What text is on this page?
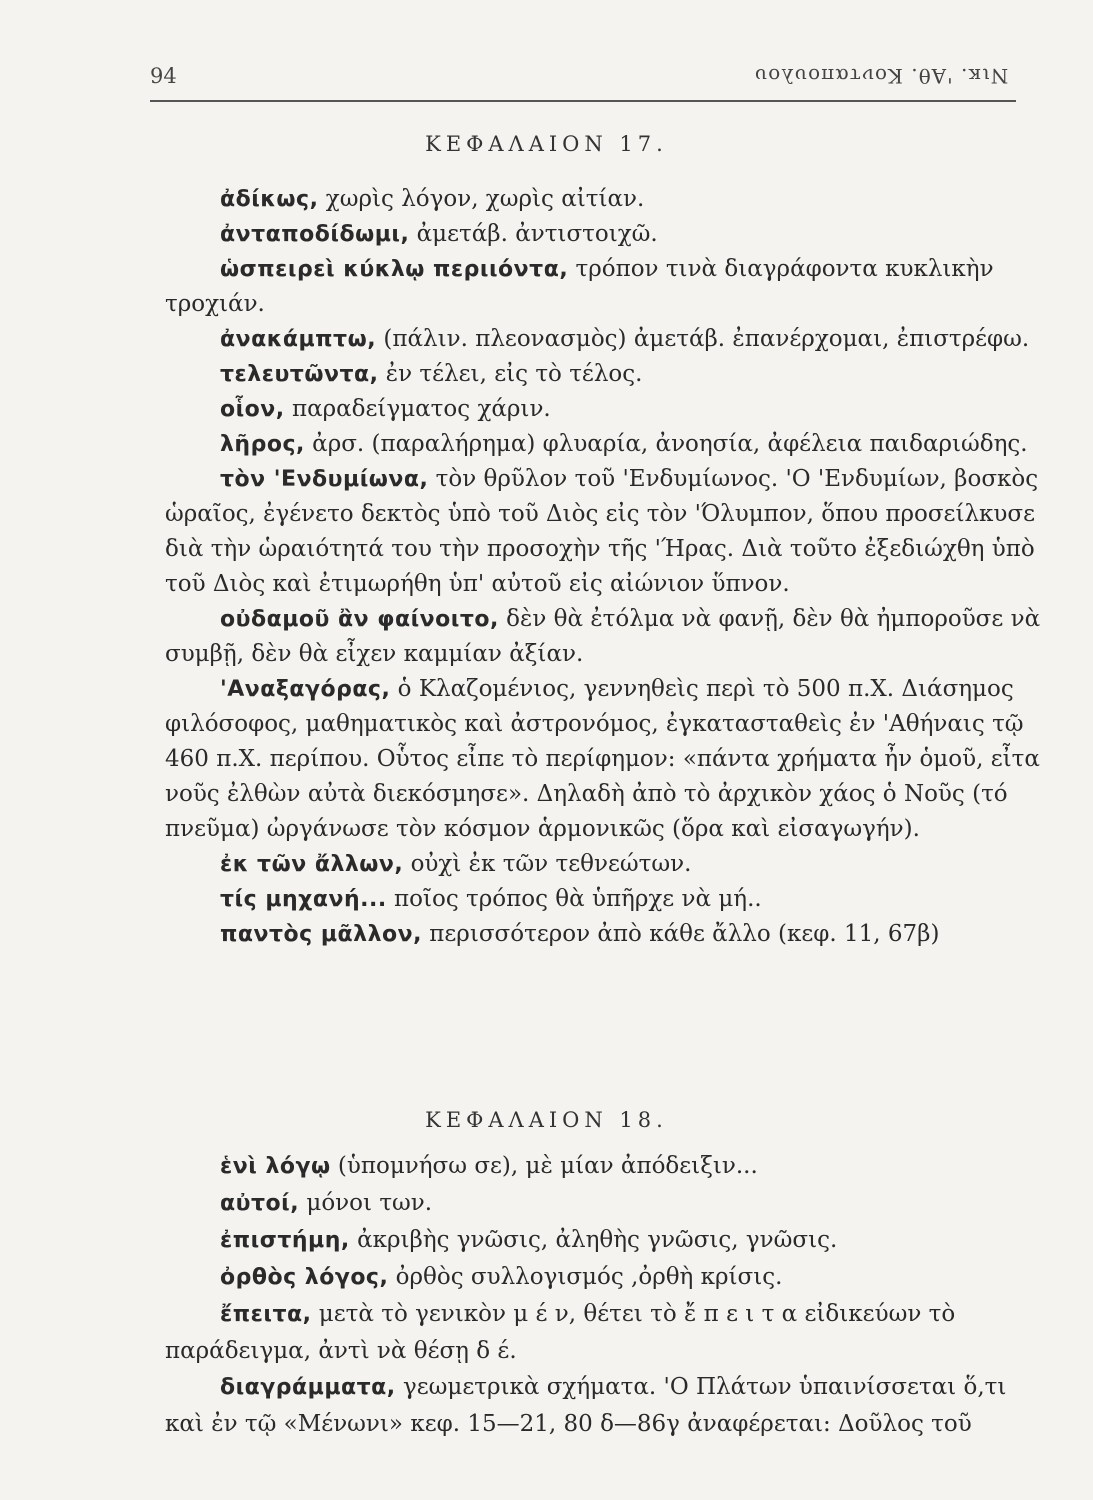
94	Νικ. 'Αθ. Κονταπουλου
ΚΕΦΑΛΑΙΟΝ 17.

ἀδίκως, χωρὶς λόγον, χωρὶς αἰτίαν.

ἀνταποδίδωμι, ἀμετάβ. ἀντιστοιχῶ.

ὡσπειρεὶ κύκλῳ περιιόντα, τρόπον τινὰ διαγράφοντα κυκλικὴν τροχιάν.

ἀνακάμπτω, (πάλιν. πλεονασμὸς) ἀμετάβ. ἐπανέρχομαι, ἐπιστρέφω.

τελευτῶντα, ἐν τέλει, εἰς τὸ τέλος.

οἷον, παραδείγματος χάριν.

λῆρος, ἀρσ. (παραλήρημα) φλυαρία, ἀνοησία, ἀφέλεια παιδαριώδης.

τὸν 'Ενδυμίωνα, τὸν θρῦλον τοῦ 'Ενδυμίωνος. 'Ο 'Ενδυμίων, βοσκὸς ὡραῖος, ἐγένετο δεκτὸς ὑπὸ τοῦ Διὸς εἰς τὸν 'Όλυμπον, ὅπου προσείλκυσε διὰ τὴν ὡραιότητά του τὴν προσοχὴν τῆς 'Ήρας. Διὰ τοῦτο ἐξεδιώχθη ὑπὸ τοῦ Διὸς καὶ ἐτιμωρήθη ὑπ' αὐτοῦ εἰς αἰώνιον ὕπνον.

οὐδαμοῦ ἂν φαίνοιτο, δὲν θὰ ἐτόλμα νὰ φανῇ, δὲν θὰ ἠμποροῦσε νὰ συμβῇ, δὲν θὰ εἶχεν καμμίαν ἀξίαν.

'Αναξαγόρας, ὁ Κλαζομένιος, γεννηθεὶς περὶ τὸ 500 π.Χ. Διάσημος φιλόσοφος, μαθηματικὸς καὶ ἀστρονόμος, ἐγκατασταθεὶς ἐν 'Αθήναις τῷ 460 π.Χ. περίπου. Οὗτος εἶπε τὸ περίφημον: «πάντα χρήματα ἦν ὁμοῦ, εἶτα νοῦς ἐλθὼν αὐτὰ διεκόσμησε». Δηλαδὴ ἀπὸ τὸ ἀρχικὸν χάος ὁ Νοῦς (τό πνεῦμα) ὠργάνωσε τὸν κόσμον ἁρμονικῶς (ὅρα καὶ εἰσαγωγήν).

ἐκ τῶν ἄλλων, οὐχὶ ἐκ τῶν τεθνεώτων.

τίς μηχανή... ποῖος τρόπος θὰ ὑπῆρχε νὰ μή..

παντὸς μᾶλλον, περισσότερον ἀπὸ κάθε ἄλλο (κεφ. 11, 67β)

ΚΕΦΑΛΑΙΟΝ 18.

ἑνὶ λόγῳ (ὑπομνήσω σε), μὲ μίαν ἀπόδειξιν...

αὐτοί, μόνοι των.

ἐπιστήμη, ἀκριβὴς γνῶσις, ἀληθὴς γνῶσις, γνῶσις.

ὀρθὸς λόγος, ὀρθὸς συλλογισμός ,ὀρθὴ κρίσις.

ἔπειτα, μετὰ τὸ γενικὸν μ έ ν, θέτει τὸ ἔ π ε ι τ α εἰδικεύων τὸ παράδειγμα, ἀντὶ νὰ θέσῃ δ έ.

διαγράμματα, γεωμετρικὰ σχήματα. 'Ο Πλάτων ὑπαινίσσεται ὅ,τι καὶ ἐν τῷ «Μένωνι» κεφ. 15—21, 80 δ—86γ ἀναφέρεται: Δοῦλος τοῦ
